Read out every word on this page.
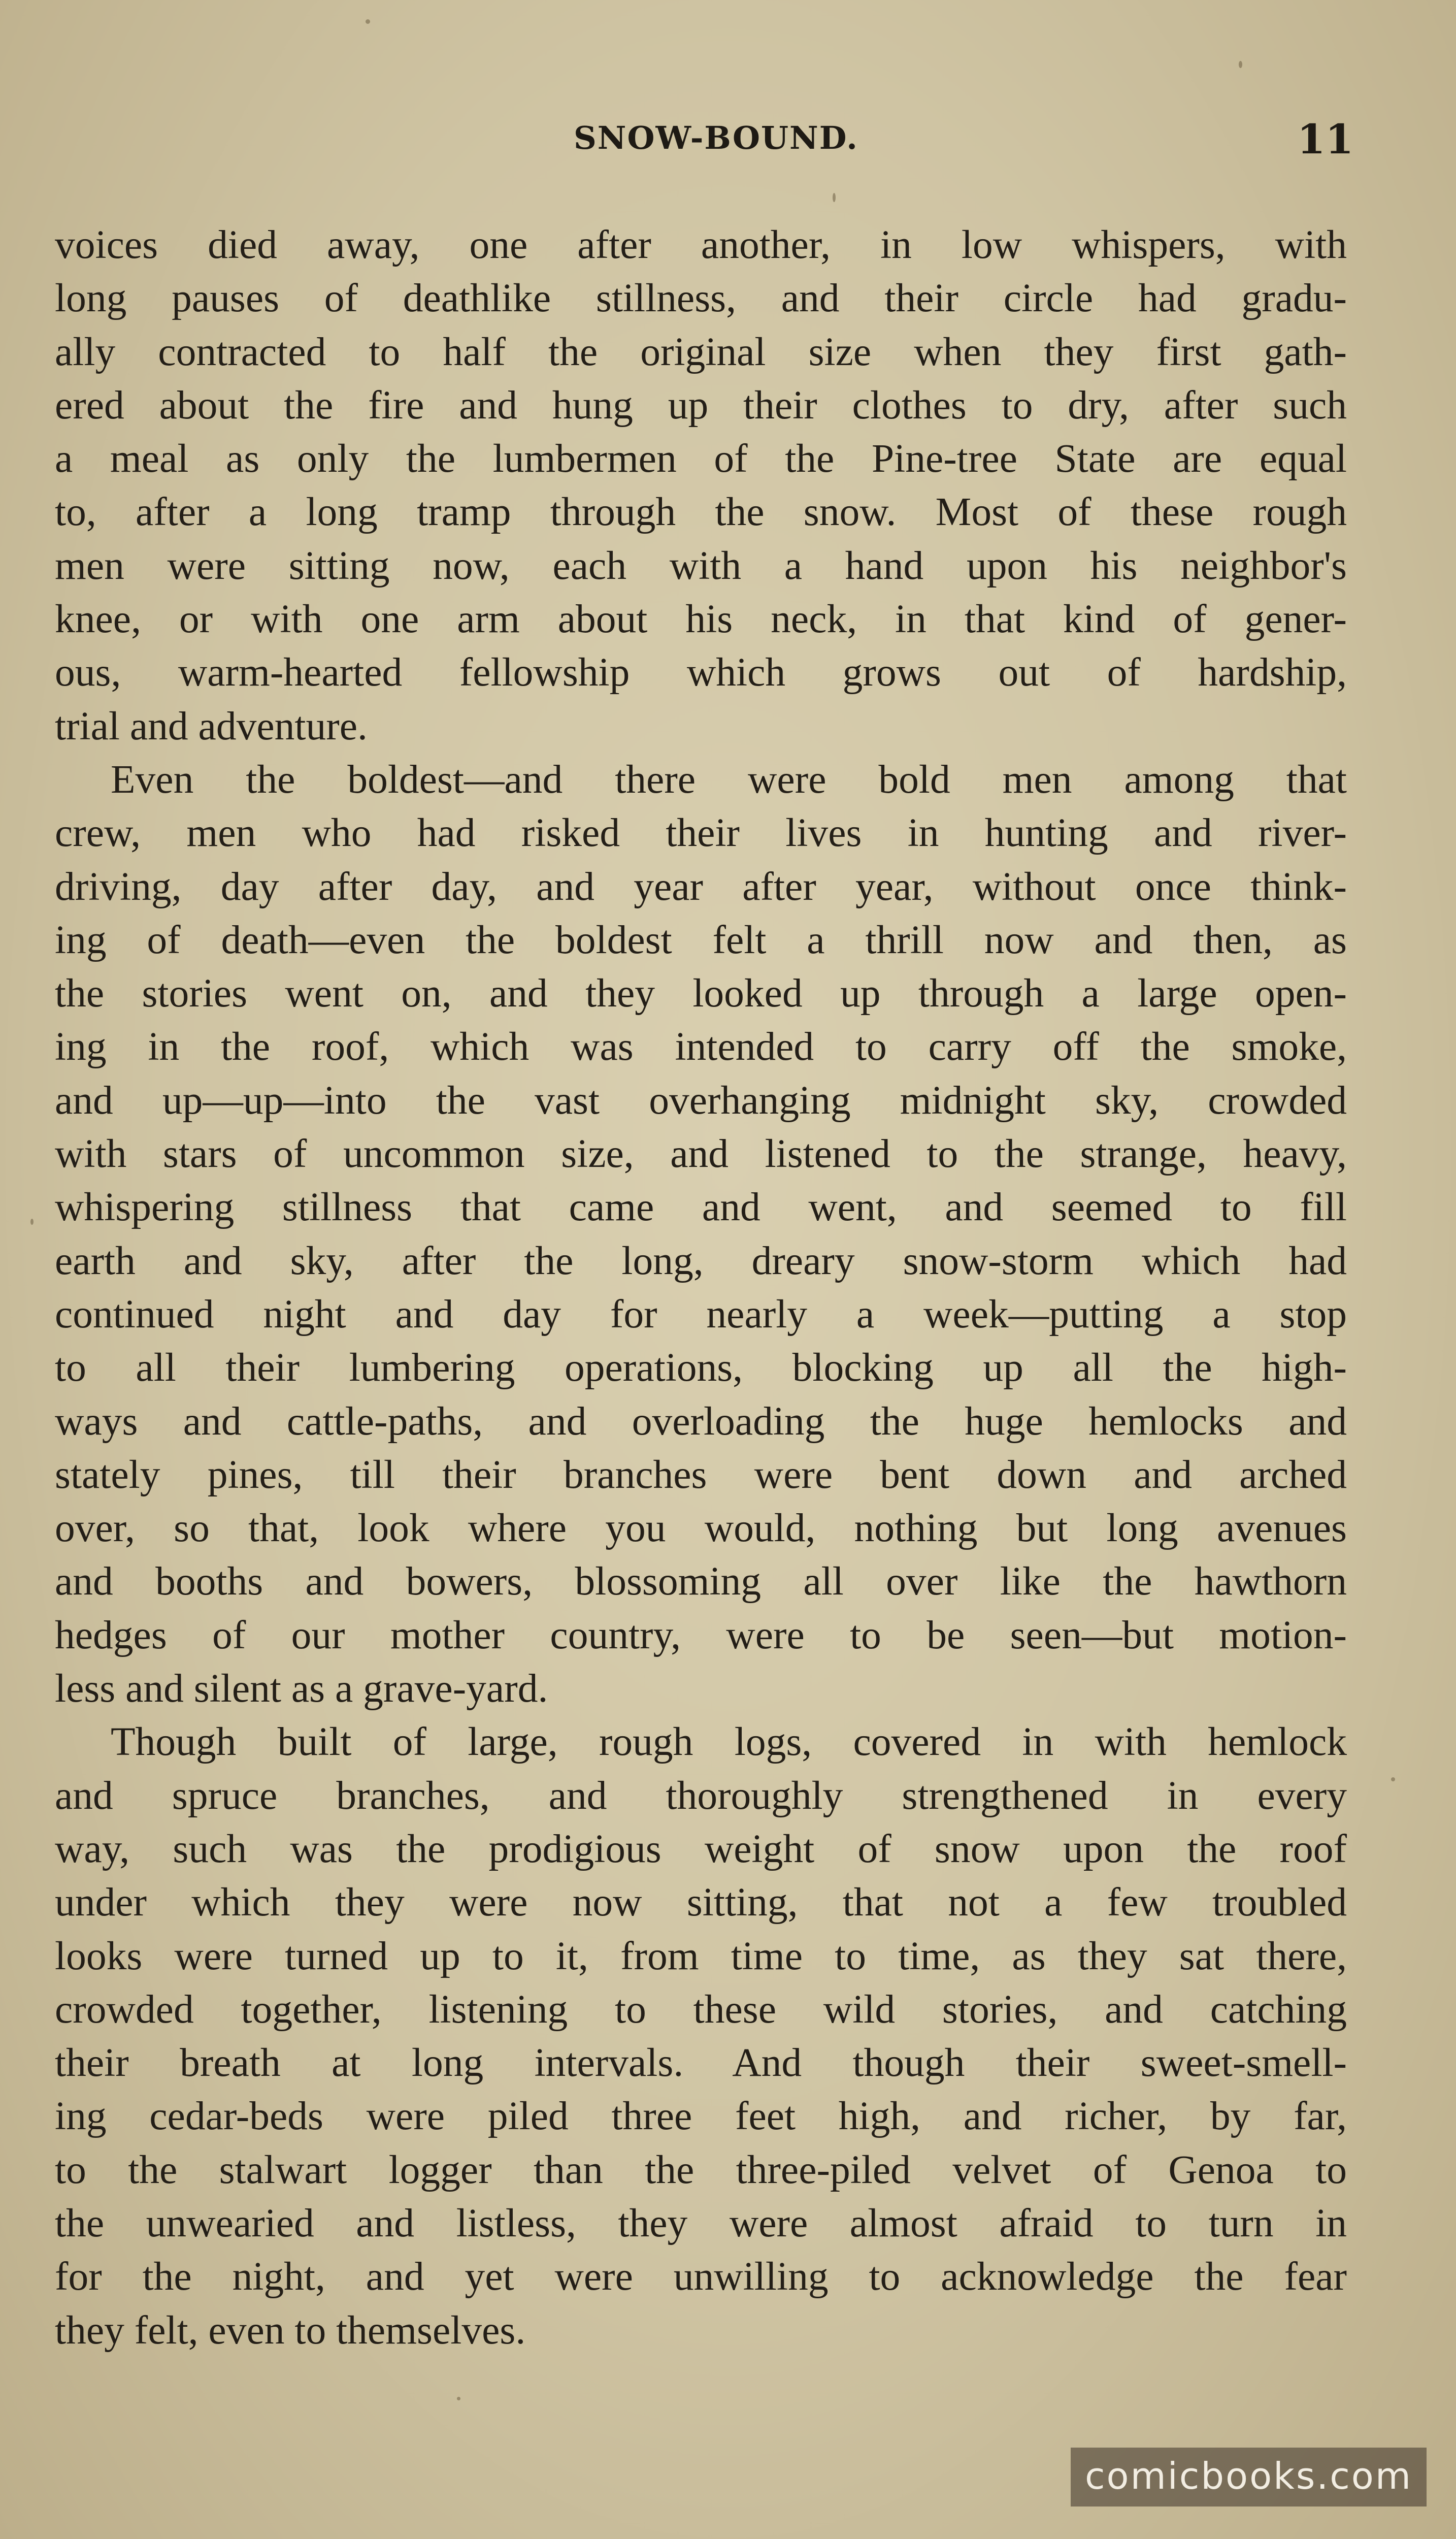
SNOW-BOUND.	11
voices died away, one after another, in low whispers, with
long pauses of deathlike stillness, and their circle had gradu-
ally contracted to half the original size when they first gath-
ered about the fire and hung up their clothes to dry, after such
a meal as only the lumbermen of the Pine-tree State are equal
to, after a long tramp through the snow. Most of these rough
men were sitting now, each with a hand upon his neighbor's
knee, or with one arm about his neck, in that kind of gener-
ous, warm-hearted fellowship which grows out of hardship,
trial and adventure.
Even the boldest—and there were bold men among that
crew, men who had risked their lives in hunting and river-
driving, day after day, and year after year, without once think-
ing of death—even the boldest felt a thrill now and then, as
the stories went on, and they looked up through a large open-
ing in the roof, which was intended to carry off the smoke,
and up—up—into the vast overhanging midnight sky, crowded
with stars of uncommon size, and listened to the strange, heavy,
whispering stillness that came and went, and seemed to fill
earth and sky, after the long, dreary snow-storm which had
continued night and day for nearly a week—putting a stop
to all their lumbering operations, blocking up all the high-
ways and cattle-paths, and overloading the huge hemlocks and
stately pines, till their branches were bent down and arched
over, so that, look where you would, nothing but long avenues
and booths and bowers, blossoming all over like the hawthorn
hedges of our mother country, were to be seen—but motion-
less and silent as a grave-yard.
Though built of large, rough logs, covered in with hemlock
and spruce branches, and thoroughly strengthened in every
way, such was the prodigious weight of snow upon the roof
under which they were now sitting, that not a few troubled
looks were turned up to it, from time to time, as they sat there,
crowded together, listening to these wild stories, and catching
their breath at long intervals. And though their sweet-smell-
ing cedar-beds were piled three feet high, and richer, by far,
to the stalwart logger than the three-piled velvet of Genoa to
the unwearied and listless, they were almost afraid to turn in
for the night, and yet were unwilling to acknowledge the fear
they felt, even to themselves.
comicbooks.com
